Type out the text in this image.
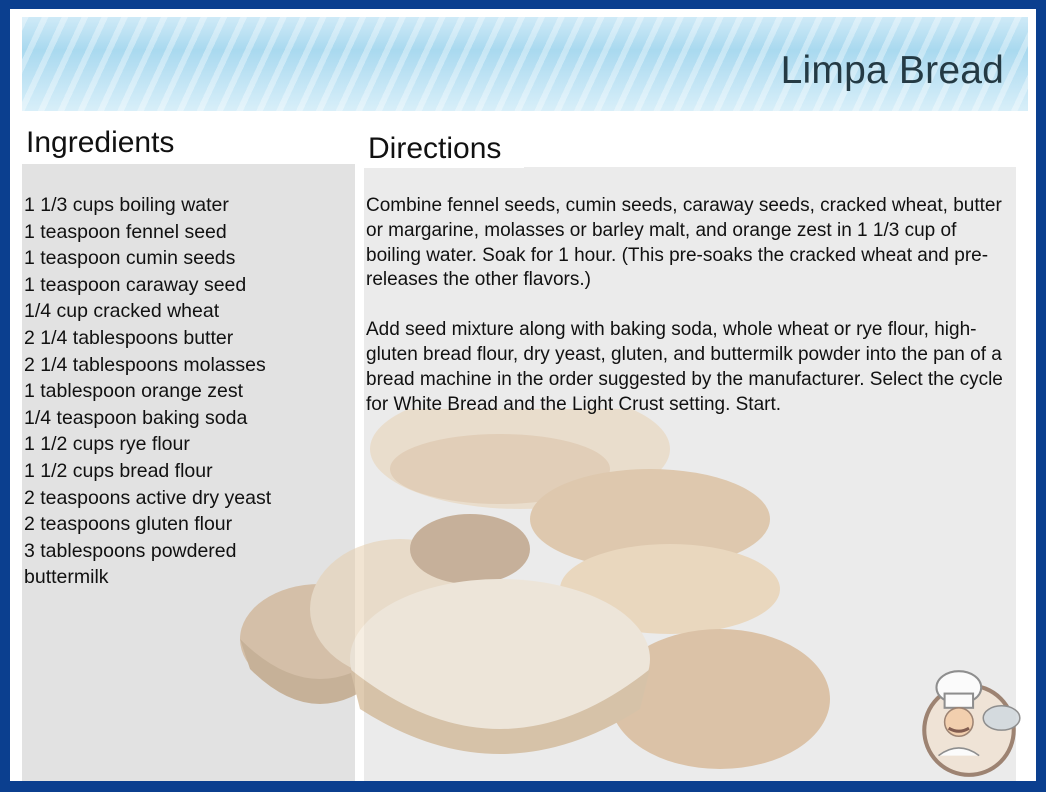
Limpa Bread
Ingredients	Directions
1 1/3 cups boiling water
1 teaspoon fennel seed
1 teaspoon cumin seeds
1 teaspoon caraway seed
1/4 cup cracked wheat
2 1/4 tablespoons butter
2 1/4 tablespoons molasses
1 tablespoon orange zest
1/4 teaspoon baking soda
1 1/2 cups rye flour
1 1/2 cups bread flour
2 teaspoons active dry yeast
2 teaspoons gluten flour
3 tablespoons powdered buttermilk

Combine fennel seeds, cumin seeds, caraway seeds, cracked wheat, butter or margarine, molasses or barley malt, and orange zest in 1 1/3 cup of boiling water. Soak for 1 hour. (This pre-soaks the cracked wheat and pre-releases the other flavors.)

Add seed mixture along with baking soda, whole wheat or rye flour, high-gluten bread flour, dry yeast, gluten, and buttermilk powder into the pan of a bread machine in the order suggested by the manufacturer. Select the cycle for White Bread and the Light Crust setting. Start.
